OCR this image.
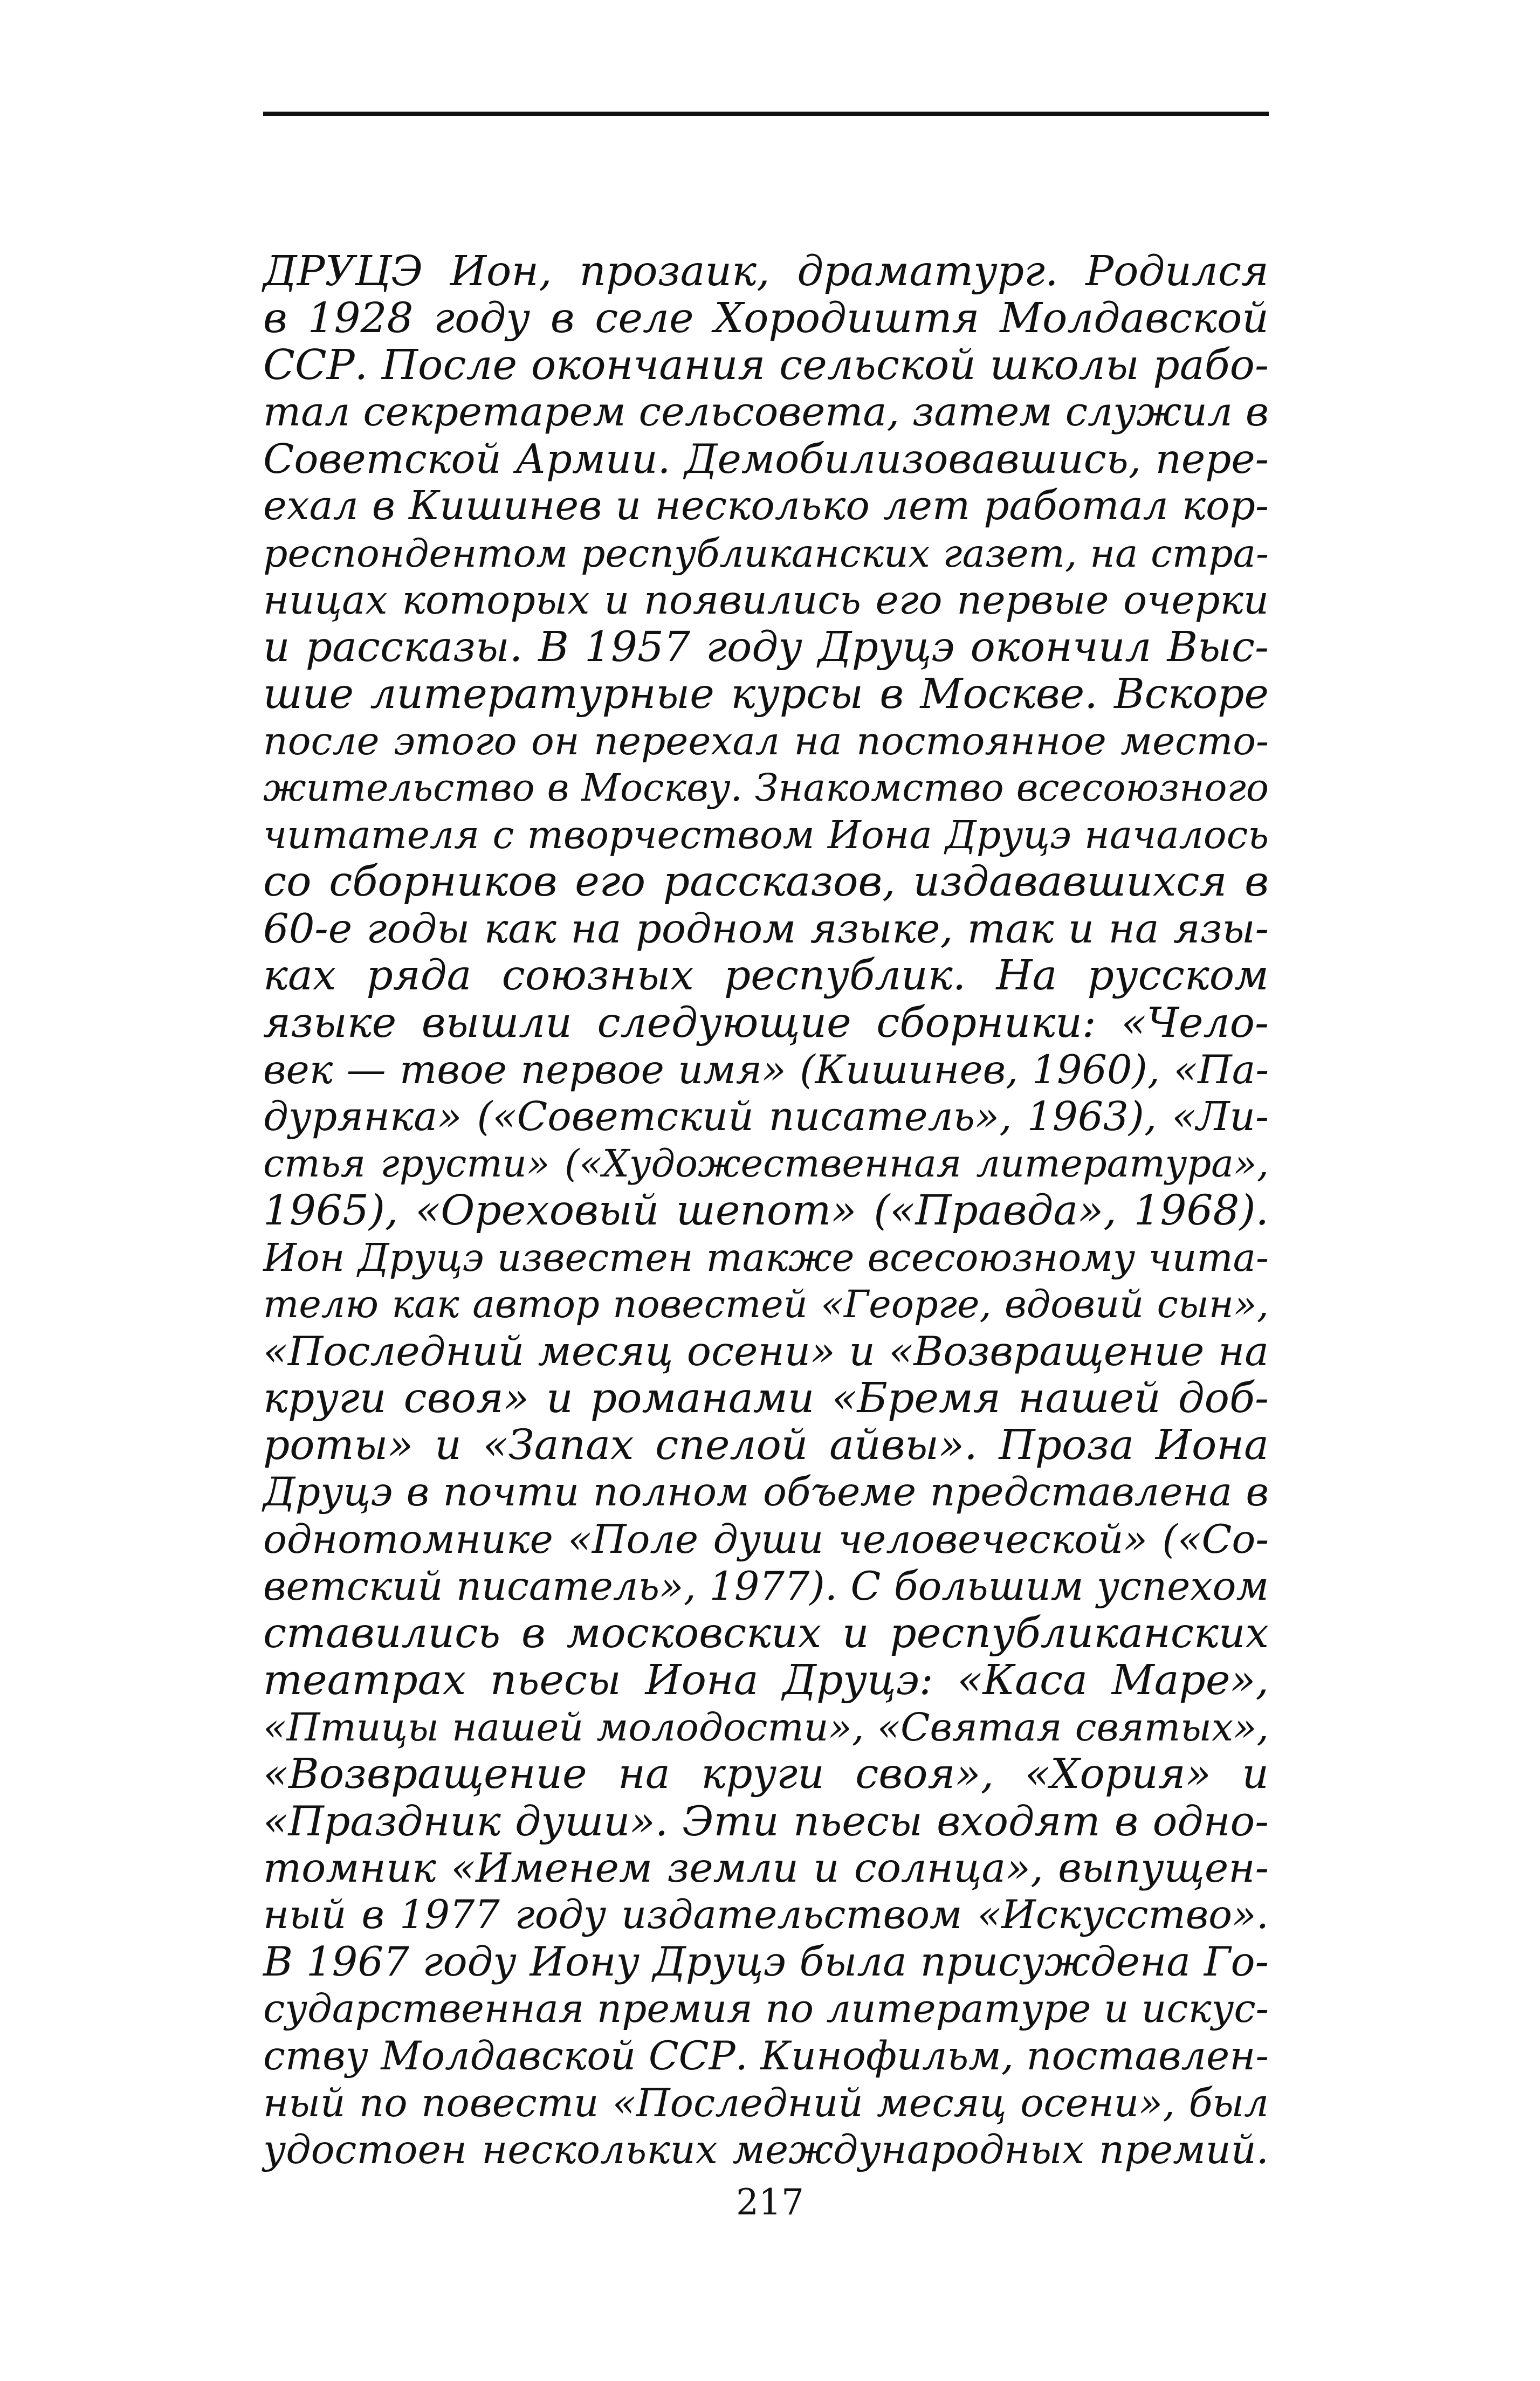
ДРУЦЭ Ион, прозаик, драматург. Родился
в 1928 году в селе Хородиштя Молдавской
ССР. После окончания сельской школы рабо-
тал секретарем сельсовета, затем служил в
Советской Армии. Демобилизовавшись, пере-
ехал в Кишинев и несколько лет работал кор-
респондентом республиканских газет, на стра-
ницах которых и появились его первые очерки
и рассказы. В 1957 году Друцэ окончил Выс-
шие литературные курсы в Москве. Вскоре
после этого он переехал на постоянное место-
жительство в Москву. Знакомство всесоюзного
читателя с творчеством Иона Друцэ началось
со сборников его рассказов, издававшихся в
60-е годы как на родном языке, так и на язы-
ках ряда союзных республик. На русском
языке вышли следующие сборники: «Чело-
век — твое первое имя» (Кишинев, 1960), «Па-
дурянка» («Советский писатель», 1963), «Ли-
стья грусти» («Художественная литература»,
1965), «Ореховый шепот» («Правда», 1968).
Ион Друцэ известен также всесоюзному чита-
телю как автор повестей «Георге, вдовий сын»,
«Последний месяц осени» и «Возвращение на
круги своя» и романами «Бремя нашей доб-
роты» и «Запах спелой айвы». Проза Иона
Друцэ в почти полном объеме представлена в
однотомнике «Поле души человеческой» («Со-
ветский писатель», 1977). С большим успехом
ставились в московских и республиканских
театрах пьесы Иона Друцэ: «Каса Маре»,
«Птицы нашей молодости», «Святая святых»,
«Возвращение на круги своя», «Хория» и
«Праздник души». Эти пьесы входят в одно-
томник «Именем земли и солнца», выпущен-
ный в 1977 году издательством «Искусство».
В 1967 году Иону Друцэ была присуждена Го-
сударственная премия по литературе и искус-
ству Молдавской ССР. Кинофильм, поставлен-
ный по повести «Последний месяц осени», был
удостоен нескольких международных премий.
217
